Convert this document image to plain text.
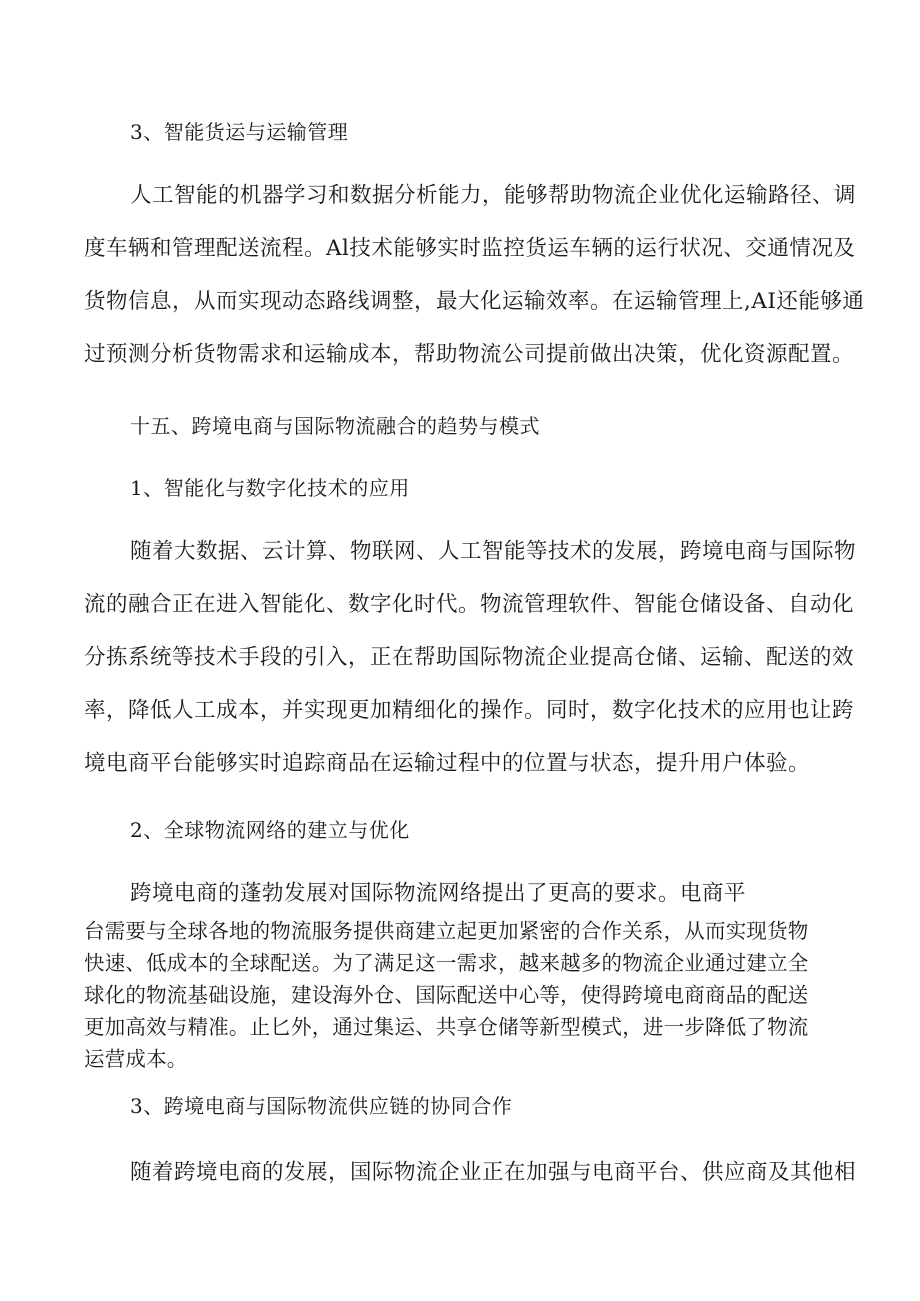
3、智能货运与运输管理
人工智能的机器学习和数据分析能力，能够帮助物流企业优化运输路径、调
度车辆和管理配送流程。Al技术能够实时监控货运车辆的运行状况、交通情况及
货物信息，从而实现动态路线调整，最大化运输效率。在运输管理上,AI还能够通
过预测分析货物需求和运输成本，帮助物流公司提前做出决策，优化资源配置。
十五、跨境电商与国际物流融合的趋势与模式
1、智能化与数字化技术的应用
随着大数据、云计算、物联网、人工智能等技术的发展，跨境电商与国际物
流的融合正在进入智能化、数字化时代。物流管理软件、智能仓储设备、自动化
分拣系统等技术手段的引入，正在帮助国际物流企业提高仓储、运输、配送的效
率，降低人工成本，并实现更加精细化的操作。同时，数字化技术的应用也让跨
境电商平台能够实时追踪商品在运输过程中的位置与状态，提升用户体验。
2、全球物流网络的建立与优化
跨境电商的蓬勃发展对国际物流网络提出了更高的要求。电商平
台需要与全球各地的物流服务提供商建立起更加紧密的合作关系，从而实现货物
快速、低成本的全球配送。为了满足这一需求，越来越多的物流企业通过建立全
球化的物流基础设施，建设海外仓、国际配送中心等，使得跨境电商商品的配送
更加高效与精准。止匕外，通过集运、共享仓储等新型模式，进一步降低了物流
运营成本。
3、跨境电商与国际物流供应链的协同合作
随着跨境电商的发展，国际物流企业正在加强与电商平台、供应商及其他相
